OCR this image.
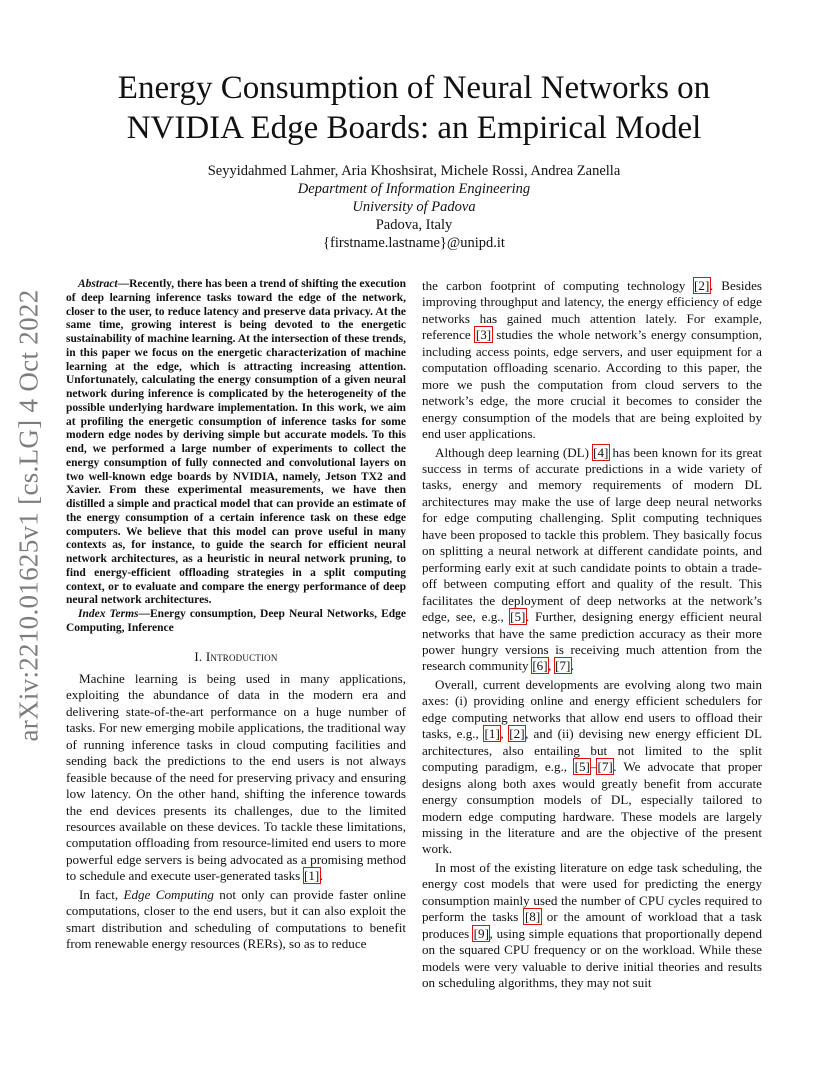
arXiv:2210.01625v1 [cs.LG] 4 Oct 2022
Energy Consumption of Neural Networks on
NVIDIA Edge Boards: an Empirical Model
Seyyidahmed Lahmer, Aria Khoshsirat, Michele Rossi, Andrea Zanella
Department of Information Engineering
University of Padova
Padova, Italy
{firstname.lastname}@unipd.it

Abstract—Recently, there has been a trend of shifting the execution of deep learning inference tasks toward the edge of the network, closer to the user, to reduce latency and preserve data privacy. At the same time, growing interest is being devoted to the energetic sustainability of machine learning. At the intersection of these trends, in this paper we focus on the energetic characterization of machine learning at the edge, which is attracting increasing attention. Unfortunately, calculating the energy consumption of a given neural network during inference is complicated by the heterogeneity of the possible underlying hardware implementation. In this work, we aim at profiling the energetic consumption of inference tasks for some modern edge nodes by deriving simple but accurate models. To this end, we performed a large number of experiments to collect the energy consumption of fully connected and convolutional layers on two well-known edge boards by NVIDIA, namely, Jetson TX2 and Xavier. From these experimental measurements, we have then distilled a simple and practical model that can provide an estimate of the energy consumption of a certain inference task on these edge computers. We believe that this model can prove useful in many contexts as, for instance, to guide the search for efficient neural network architectures, as a heuristic in neural network pruning, to find energy-efficient offloading strategies in a split computing context, or to evaluate and compare the energy performance of deep neural network architectures.

Index Terms—Energy consumption, Deep Neural Networks, Edge Computing, Inference

I. Introduction

Machine learning is being used in many applications, exploiting the abundance of data in the modern era and delivering state-of-the-art performance on a huge number of tasks. For new emerging mobile applications, the traditional way of running inference tasks in cloud computing facilities and sending back the predictions to the end users is not always feasible because of the need for preserving privacy and ensuring low latency. On the other hand, shifting the inference towards the end devices presents its challenges, due to the limited resources available on these devices. To tackle these limitations, computation offloading from resource-limited end users to more powerful edge servers is being advocated as a promising method to schedule and execute user-generated tasks [1].

In fact, Edge Computing not only can provide faster online computations, closer to the end users, but it can also exploit the smart distribution and scheduling of computations to benefit from renewable energy resources (RERs), so as to reduce

the carbon footprint of computing technology [2]. Besides improving throughput and latency, the energy efficiency of edge networks has gained much attention lately. For example, reference [3] studies the whole network’s energy consumption, including access points, edge servers, and user equipment for a computation offloading scenario. According to this paper, the more we push the computation from cloud servers to the network’s edge, the more crucial it becomes to consider the energy consumption of the models that are being exploited by end user applications.

Although deep learning (DL) [4] has been known for its great success in terms of accurate predictions in a wide variety of tasks, energy and memory requirements of modern DL architectures may make the use of large deep neural networks for edge computing challenging. Split computing techniques have been proposed to tackle this problem. They basically focus on splitting a neural network at different candidate points, and performing early exit at such candidate points to obtain a trade-off between computing effort and quality of the result. This facilitates the deployment of deep networks at the network’s edge, see, e.g., [5]. Further, designing energy efficient neural networks that have the same prediction accuracy as their more power hungry versions is receiving much attention from the research community [6], [7].

Overall, current developments are evolving along two main axes: (i) providing online and energy efficient schedulers for edge computing networks that allow end users to offload their tasks, e.g., [1], [2], and (ii) devising new energy efficient DL architectures, also entailing but not limited to the split computing paradigm, e.g., [5]–[7]. We advocate that proper designs along both axes would greatly benefit from accurate energy consumption models of DL, especially tailored to modern edge computing hardware. These models are largely missing in the literature and are the objective of the present work.

In most of the existing literature on edge task scheduling, the energy cost models that were used for predicting the energy consumption mainly used the number of CPU cycles required to perform the tasks [8] or the amount of workload that a task produces [9], using simple equations that proportionally depend on the squared CPU frequency or on the workload. While these models were very valuable to derive initial theories and results on scheduling algorithms, they may not suit
